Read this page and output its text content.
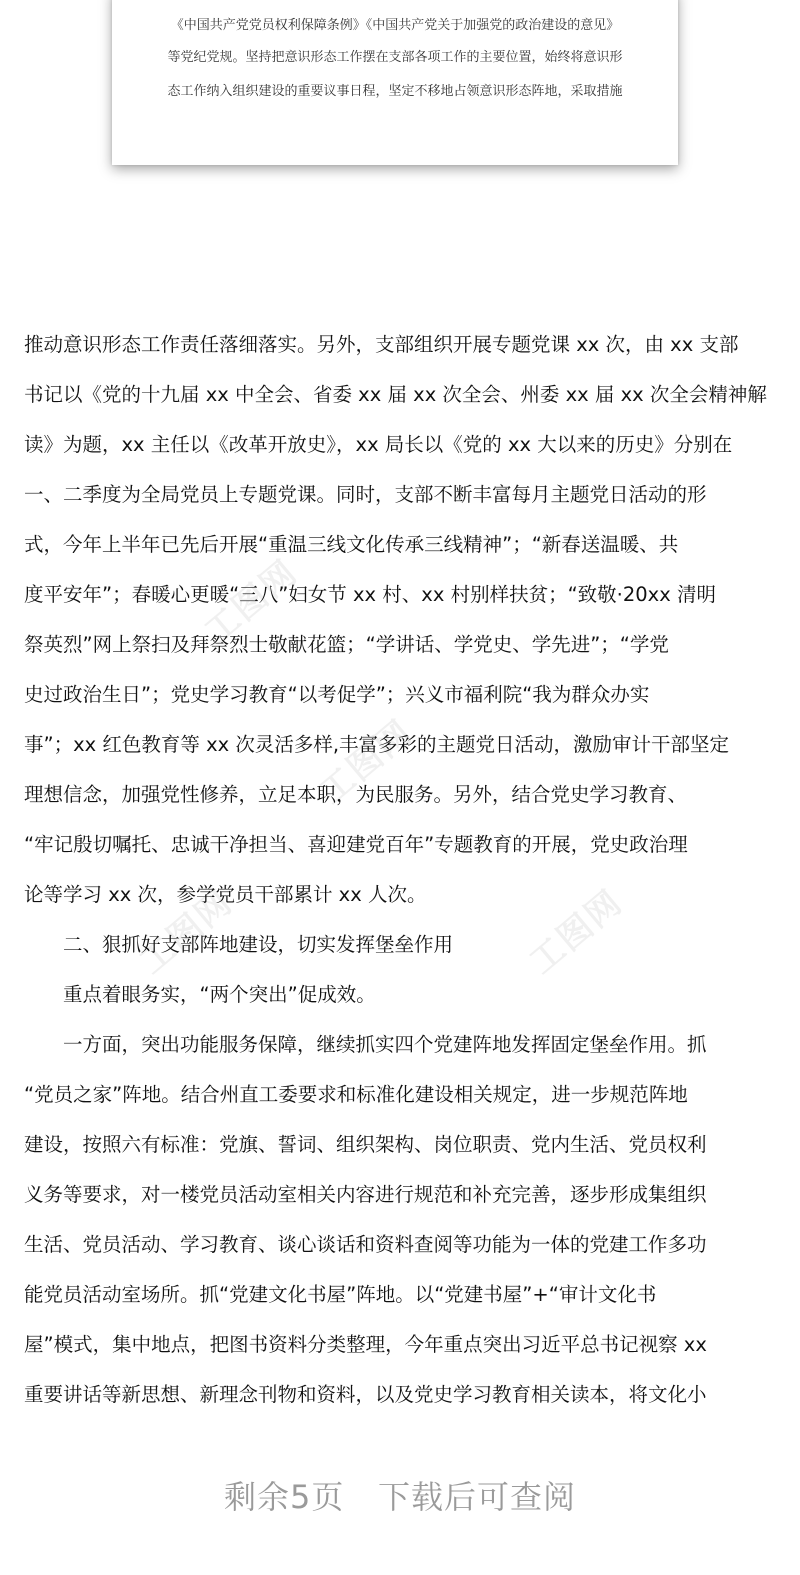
《中国共产党党员权利保障条例》《中国共产党关于加强党的政治建设的意见》
等党纪党规。坚持把意识形态工作摆在支部各项工作的主要位置，始终将意识形
态工作纳入组织建设的重要议事日程，坚定不移地占领意识形态阵地，采取措施
工图网
工图网
工图网	工图网
推动意识形态工作责任落细落实。另外，支部组织开展专题党课 xx 次，由 xx 支部
书记以《党的十九届 xx 中全会、省委 xx 届 xx 次全会、州委 xx 届 xx 次全会精神解
读》为题，xx 主任以《改革开放史》，xx 局长以《党的 xx 大以来的历史》分别在
一、二季度为全局党员上专题党课。同时，支部不断丰富每月主题党日活动的形
式，今年上半年已先后开展“重温三线文化传承三线精神”；“新春送温暖、共
度平安年”；春暖心更暖“三八”妇女节 xx 村、xx 村别样扶贫；“致敬·20xx 清明
祭英烈”网上祭扫及拜祭烈士敬献花篮；“学讲话、学党史、学先进”；“学党
史过政治生日”；党史学习教育“以考促学”；兴义市福利院“我为群众办实
事”；xx 红色教育等 xx 次灵活多样,丰富多彩的主题党日活动，激励审计干部坚定
理想信念，加强党性修养，立足本职，为民服务。另外，结合党史学习教育、
“牢记殷切嘱托、忠诚干净担当、喜迎建党百年”专题教育的开展，党史政治理
论等学习 xx 次，参学党员干部累计 xx 人次。
二、狠抓好支部阵地建设，切实发挥堡垒作用
重点着眼务实，“两个突出”促成效。
一方面，突出功能服务保障，继续抓实四个党建阵地发挥固定堡垒作用。抓
“党员之家”阵地。结合州直工委要求和标准化建设相关规定，进一步规范阵地
建设，按照六有标准：党旗、誓词、组织架构、岗位职责、党内生活、党员权利
义务等要求，对一楼党员活动室相关内容进行规范和补充完善，逐步形成集组织
生活、党员活动、学习教育、谈心谈话和资料查阅等功能为一体的党建工作多功
能党员活动室场所。抓“党建文化书屋”阵地。以“党建书屋”+“审计文化书
屋”模式，集中地点，把图书资料分类整理，今年重点突出习近平总书记视察 xx
重要讲话等新思想、新理念刊物和资料，以及党史学习教育相关读本，将文化小
剩余5页 下载后可查阅
